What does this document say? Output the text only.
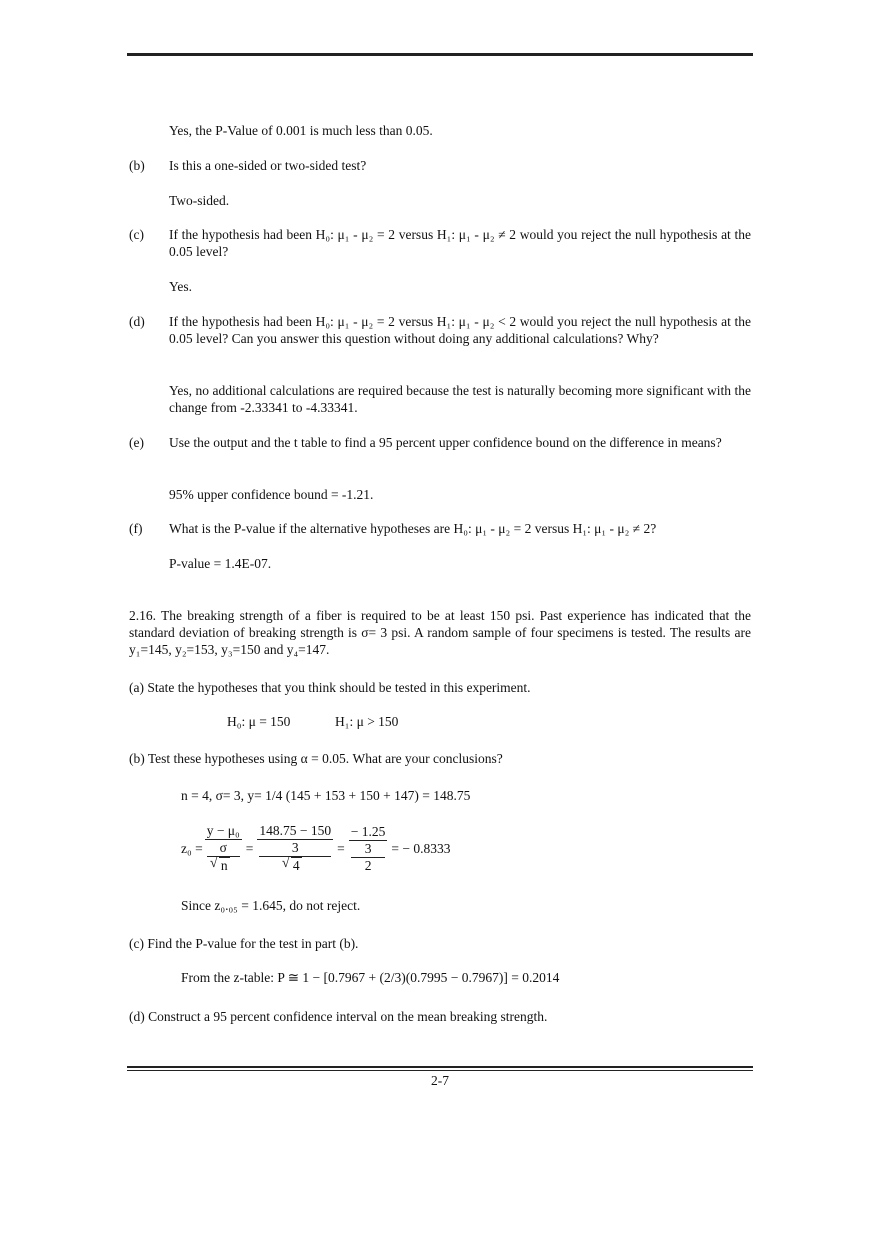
Yes, the P-Value of 0.001 is much less than 0.05.
(b) Is this a one-sided or two-sided test?
Two-sided.
(c) If the hypothesis had been H₀: μ₁ - μ₂ = 2 versus H₁: μ₁ - μ₂ ≠ 2 would you reject the null hypothesis at the 0.05 level?
Yes.
(d) If the hypothesis had been H₀: μ₁ - μ₂ = 2 versus H₁: μ₁ - μ₂ < 2 would you reject the null hypothesis at the 0.05 level? Can you answer this question without doing any additional calculations? Why?
Yes, no additional calculations are required because the test is naturally becoming more significant with the change from -2.33341 to -4.33341.
(e) Use the output and the t table to find a 95 percent upper confidence bound on the difference in means?
95% upper confidence bound = -1.21.
(f) What is the P-value if the alternative hypotheses are H₀: μ₁ - μ₂ = 2 versus H₁: μ₁ - μ₂ ≠ 2?
P-value = 1.4E-07.
2.16. The breaking strength of a fiber is required to be at least 150 psi. Past experience has indicated that the standard deviation of breaking strength is σ= 3 psi. A random sample of four specimens is tested. The results are y₁=145, y₂=153, y₃=150 and y₄=147.
(a) State the hypotheses that you think should be tested in this experiment.
H₀: μ = 150	H₁: μ > 150
(b) Test these hypotheses using α = 0.05. What are your conclusions?
n = 4, σ= 3, y= 1/4 (145 + 153 + 150 + 147) = 148.75
z₀ = y − μ₀
σ
√ n = 148.75 − 150
3
√ 4 = − 1.25
3
2 = − 0.8333
Since z₀.₀₅ = 1.645, do not reject.
(c) Find the P-value for the test in part (b).
From the z-table: P ≅ 1 − [0.7967 + (2/3)(0.7995 − 0.7967)] = 0.2014
(d) Construct a 95 percent confidence interval on the mean breaking strength.
2-7
